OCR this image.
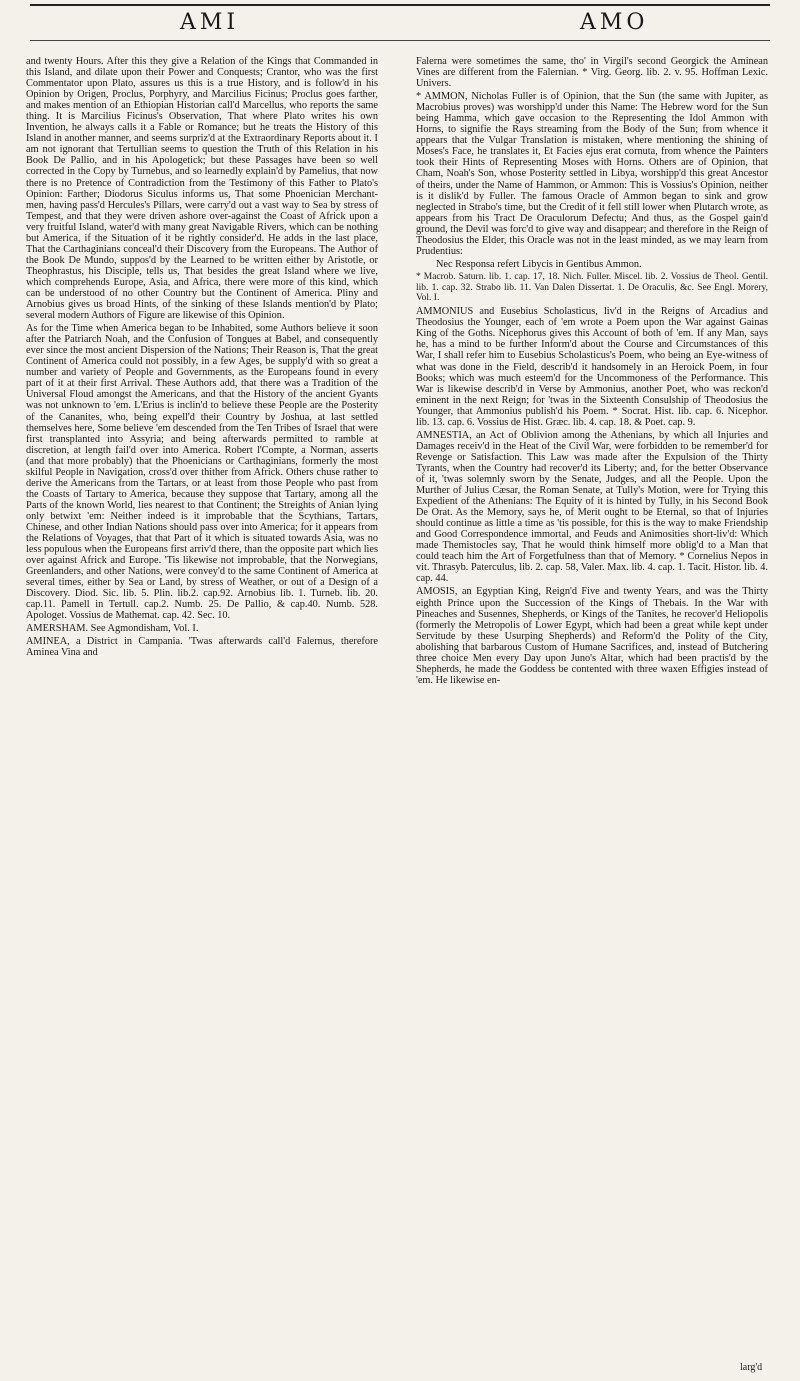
AMI	AMO

and twenty Hours. After this they give a Relation of the Kings that Commanded in this Island, and dilate upon their Power and Conquests; Crantor, who was the first Commentator upon Plato, assures us this is a true History, and is follow'd in his Opinion by Origen, Proclus, Porphyry, and Marcilius Ficinus; Proclus goes farther, and makes mention of an Ethiopian Historian call'd Marcellus, who reports the same thing. It is Marcilius Ficinus's Observation, That where Plato writes his own Invention, he always calls it a Fable or Romance; but he treats the History of this Island in another manner, and seems surpriz'd at the Extraordinary Reports about it. I am not ignorant that Tertullian seems to question the Truth of this Relation in his Book De Pallio, and in his Apologetick; but these Passages have been so well corrected in the Copy by Turnebus, and so learnedly explain'd by Pamelius, that now there is no Pretence of Contradiction from the Testimony of this Father to Plato's Opinion: Farther; Diodorus Siculus informs us, That some Phoenician Merchant-men, having pass'd Hercules's Pillars, were carry'd out a vast way to Sea by stress of Tempest, and that they were driven ashore over-against the Coast of Africk upon a very fruitful Island, water'd with many great Navigable Rivers, which can be nothing but America, if the Situation of it be rightly consider'd. He adds in the last place, That the Carthaginians conceal'd their Discovery from the Europeans. The Author of the Book De Mundo, suppos'd by the Learned to be written either by Aristotle, or Theophrastus, his Disciple, tells us, That besides the great Island where we live, which comprehends Europe, Asia, and Africa, there were more of this kind, which can be understood of no other Country but the Continent of America. Pliny and Arnobius gives us broad Hints, of the sinking of these Islands mention'd by Plato; several modern Authors of Figure are likewise of this Opinion.

As for the Time when America began to be Inhabited, some Authors believe it soon after the Patriarch Noah, and the Confusion of Tongues at Babel, and consequently ever since the most ancient Dispersion of the Nations; Their Reason is, That the great Continent of America could not possibly, in a few Ages, be supply'd with so great a number and variety of People and Governments, as the Europeans found in every part of it at their first Arrival. These Authors add, that there was a Tradition of the Universal Floud amongst the Americans, and that the History of the ancient Gyants was not unknown to 'em. L'Erius is inclin'd to believe these People are the Posterity of the Cananites, who, being expell'd their Country by Joshua, at last settled themselves here, Some believe 'em descended from the Ten Tribes of Israel that were first transplanted into Assyria; and being afterwards permitted to ramble at discretion, at length fail'd over into America. Robert l'Compte, a Norman, asserts (and that more probably) that the Phoenicians or Carthaginians, formerly the most skilful People in Navigation, cross'd over thither from Africk. Others chuse rather to derive the Americans from the Tartars, or at least from those People who past from the Coasts of Tartary to America, because they suppose that Tartary, among all the Parts of the known World, lies nearest to that Continent; the Streights of Anian lying only betwixt 'em: Neither indeed is it improbable that the Scythians, Tartars, Chinese, and other Indian Nations should pass over into America; for it appears from the Relations of Voyages, that that Part of it which is situated towards Asia, was no less populous when the Europeans first arriv'd there, than the opposite part which lies over against Africk and Europe. 'Tis likewise not improbable, that the Norwegians, Greenlanders, and other Nations, were convey'd to the same Continent of America at several times, either by Sea or Land, by stress of Weather, or out of a Design of a Discovery. Diod. Sic. lib. 5. Plin. lib.2. cap.92. Arnobius lib. 1. Turneb. lib. 20. cap.11. Pamell in Tertull. cap.2. Numb. 25. De Pallio, & cap.40. Numb. 528. Apologet. Vossius de Mathemat. cap. 42. Sec. 10.

AMERSHAM. See Agmondisham, Vol. I.

AMINEA, a District in Campania. 'Twas afterwards call'd Falernus, therefore Aminea Vina and

Falerna were sometimes the same, tho' in Virgil's second Georgick the Aminean Vines are different from the Falernian. * Virg. Georg. lib. 2. v. 95. Hoffman Lexic. Univers.

* AMMON, Nicholas Fuller is of Opinion, that the Sun (the same with Jupiter, as Macrobius proves) was worshipp'd under this Name: The Hebrew word for the Sun being Hamma, which gave occasion to the Representing the Idol Ammon with Horns, to signifie the Rays streaming from the Body of the Sun; from whence it appears that the Vulgar Translation is mistaken, where mentioning the shining of Moses's Face, he translates it, Et Facies ejus erat cornuta, from whence the Painters took their Hints of Representing Moses with Horns. Others are of Opinion, that Cham, Noah's Son, whose Posterity settled in Libya, worshipp'd this great Ancestor of theirs, under the Name of Hammon, or Ammon: This is Vossius's Opinion, neither is it dislik'd by Fuller. The famous Oracle of Ammon began to sink and grow neglected in Strabo's time, but the Credit of it fell still lower when Plutarch wrote, as appears from his Tract De Oraculorum Defectu; And thus, as the Gospel gain'd ground, the Devil was forc'd to give way and disappear; and therefore in the Reign of Theodosius the Elder, this Oracle was not in the least minded, as we may learn from Prudentius:

Nec Responsa refert Libycis in Gentibus Ammon.

* Macrob. Saturn. lib. 1. cap. 17, 18. Nich. Fuller. Miscel. lib. 2. Vossius de Theol. Gentil. lib. 1. cap. 32. Strabo lib. 11. Van Dalen Dissertat. 1. De Oraculis, &c. See Engl. Morery, Vol. I.

AMMONIUS and Eusebius Scholasticus, liv'd in the Reigns of Arcadius and Theodosius the Younger, each of 'em wrote a Poem upon the War against Gainas King of the Goths. Nicephorus gives this Account of both of 'em. If any Man, says he, has a mind to be further Inform'd about the Course and Circumstances of this War, I shall refer him to Eusebius Scholasticus's Poem, who being an Eye-witness of what was done in the Field, describ'd it handsomely in an Heroick Poem, in four Books; which was much esteem'd for the Uncommoness of the Performance. This War is likewise describ'd in Verse by Ammonius, another Poet, who was reckon'd eminent in the next Reign; for 'twas in the Sixteenth Consulship of Theodosius the Younger, that Ammonius publish'd his Poem. * Socrat. Hist. lib. cap. 6. Nicephor. lib. 13. cap. 6. Vossius de Hist. Græc. lib. 4. cap. 18. & Poet. cap. 9.

AMNESTIA, an Act of Oblivion among the Athenians, by which all Injuries and Damages receiv'd in the Heat of the Civil War, were forbidden to be remember'd for Revenge or Satisfaction. This Law was made after the Expulsion of the Thirty Tyrants, when the Country had recover'd its Liberty; and, for the better Observance of it, 'twas solemnly sworn by the Senate, Judges, and all the People. Upon the Murther of Julius Cæsar, the Roman Senate, at Tully's Motion, were for Trying this Expedient of the Athenians: The Equity of it is hinted by Tully, in his Second Book De Orat. As the Memory, says he, of Merit ought to be Eternal, so that of Injuries should continue as little a time as 'tis possible, for this is the way to make Friendship and Good Correspondence immortal, and Feuds and Animosities short-liv'd: Which made Themistocles say, That he would think himself more oblig'd to a Man that could teach him the Art of Forgetfulness than that of Memory. * Cornelius Nepos in vit. Thrasyb. Paterculus, lib. 2. cap. 58, Valer. Max. lib. 4. cap. 1. Tacit. Histor. lib. 4. cap. 44.

AMOSIS, an Egyptian King, Reign'd Five and twenty Years, and was the Thirty eighth Prince upon the Succession of the Kings of Thebais. In the War with Pineaches and Susennes, Shepherds, or Kings of the Tanites, he recover'd Heliopolis (formerly the Metropolis of Lower Egypt, which had been a great while kept under Servitude by these Usurping Shepherds) and Reform'd the Polity of the City, abolishing that barbarous Custom of Humane Sacrifices, and, instead of Butchering three choice Men every Day upon Juno's Altar, which had been practis'd by the Shepherds, he made the Goddess be contented with three waxen Effigies instead of 'em. He likewise en-

larg'd
